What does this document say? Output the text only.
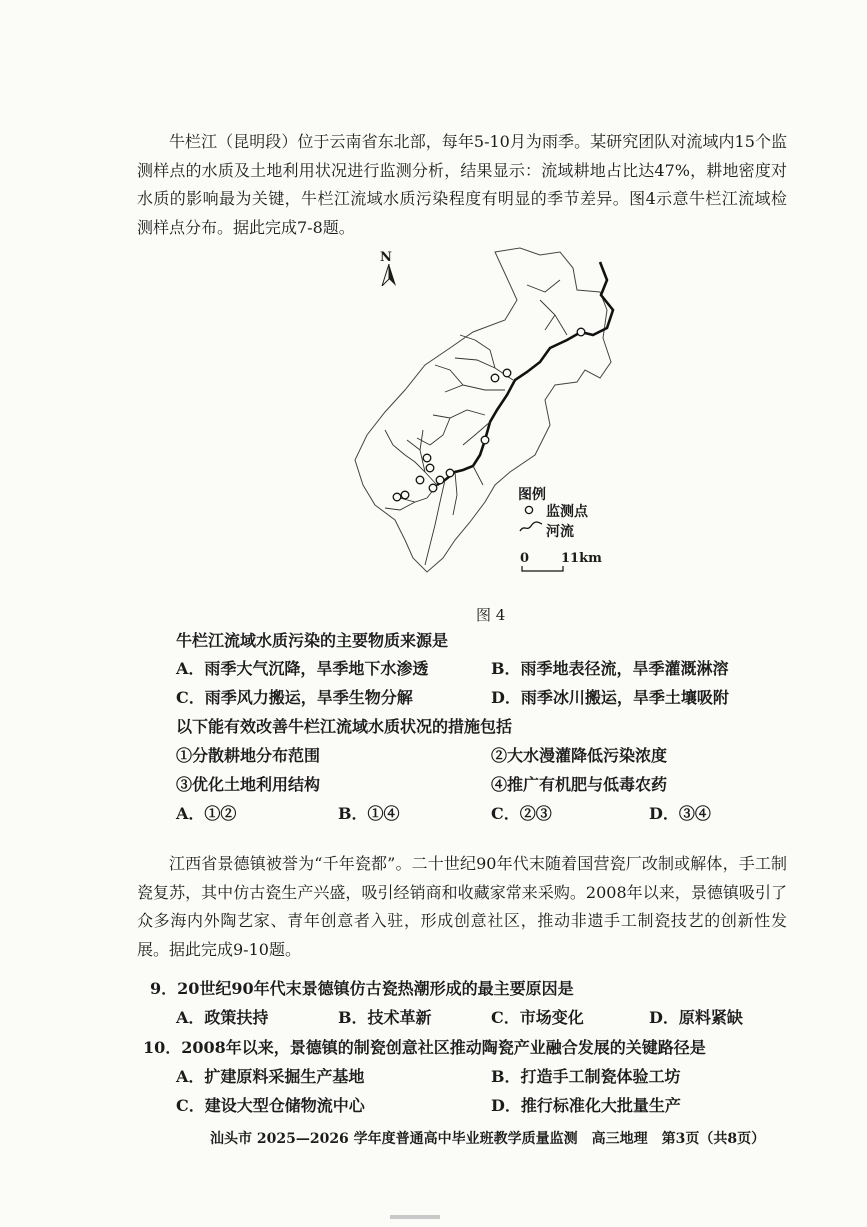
牛栏江（昆明段）位于云南省东北部，每年5-10月为雨季。某研究团队对流域内15个监测样点的水质及土地利用状况进行监测分析，结果显示：流域耕地占比达47%，耕地密度对水质的影响最为关键，牛栏江流域水质污染程度有明显的季节差异。图4示意牛栏江流域检测样点分布。据此完成7-8题。

N
图例
监测点
河流
0 11km
图 4
牛栏江流域水质污染的主要物质来源是
A．雨季大气沉降，旱季地下水渗透	B．雨季地表径流，旱季灌溉淋溶
C．雨季风力搬运，旱季生物分解	D．雨季冰川搬运，旱季土壤吸附
以下能有效改善牛栏江流域水质状况的措施包括
①分散耕地分布范围	②大水漫灌降低污染浓度
③优化土地利用结构	④推广有机肥与低毒农药
A．①②	B．①④	C．②③	D．③④

江西省景德镇被誉为“千年瓷都”。二十世纪90年代末随着国营瓷厂改制或解体，手工制瓷复苏，其中仿古瓷生产兴盛，吸引经销商和收藏家常来采购。2008年以来，景德镇吸引了众多海内外陶艺家、青年创意者入驻，形成创意社区，推动非遗手工制瓷技艺的创新性发展。据此完成9-10题。

9．20世纪90年代末景德镇仿古瓷热潮形成的最主要原因是
A．政策扶持	B．技术革新	C．市场变化	D．原料紧缺
10．2008年以来，景德镇的制瓷创意社区推动陶瓷产业融合发展的关键路径是
A．扩建原料采掘生产基地	B．打造手工制瓷体验工坊
C．建设大型仓储物流中心	D．推行标准化大批量生产
汕头市 2025—2026 学年度普通高中毕业班教学质量监测　高三地理　第3页（共8页）
